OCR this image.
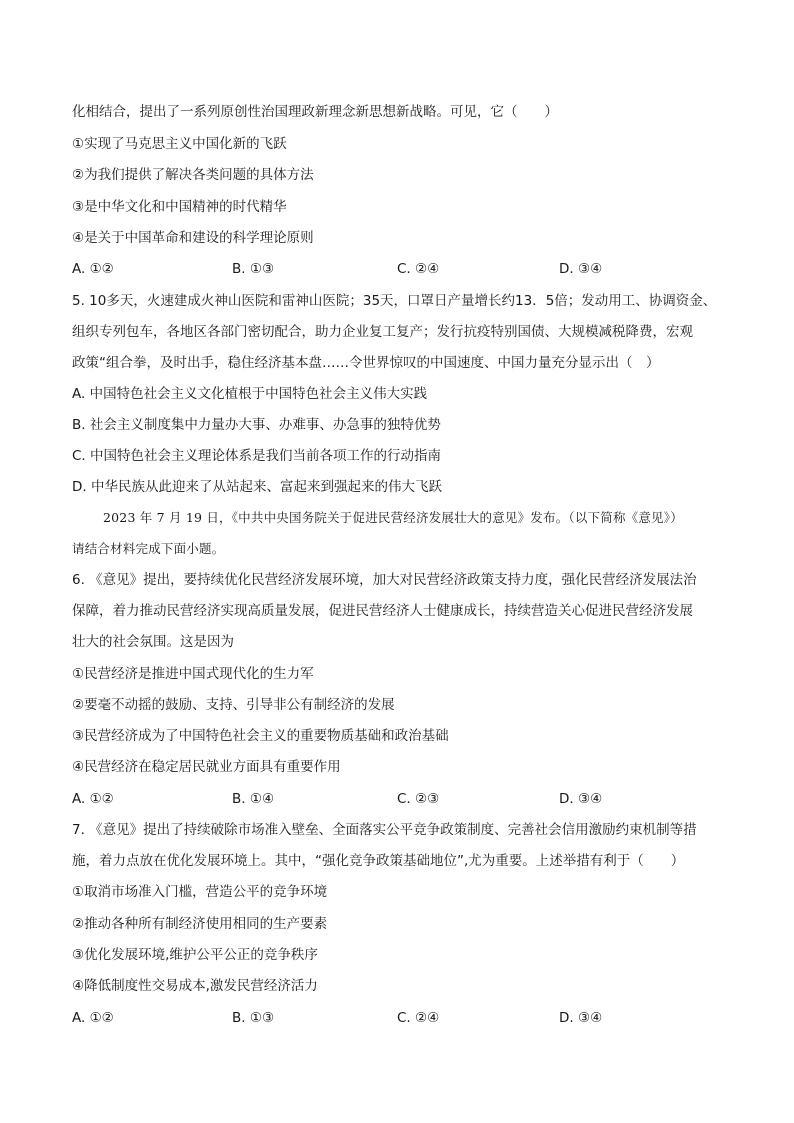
化相结合，提出了一系列原创性治国理政新理念新思想新战略。可见，它（　　）
①实现了马克思主义中国化新的飞跃
②为我们提供了解决各类问题的具体方法
③是中华文化和中国精神的时代精华
④是关于中国革命和建设的科学理论原则
A. ①②	B. ①③	C. ②④	D. ③④
5. 10多天，火速建成火神山医院和雷神山医院；35天，口罩日产量增长约13．5倍；发动用工、协调资金、
组织专列包车，各地区各部门密切配合，助力企业复工复产；发行抗疫特别国债、大规模减税降费，宏观
政策“组合拳，及时出手，稳住经济基本盘……令世界惊叹的中国速度、中国力量充分显示出（　）
A. 中国特色社会主义文化植根于中国特色社会主义伟大实践
B. 社会主义制度集中力量办大事、办难事、办急事的独特优势
C. 中国特色社会主义理论体系是我们当前各项工作的行动指南
D. 中华民族从此迎来了从站起来、富起来到强起来的伟大飞跃
2023 年 7 月 19 日，《中共中央国务院关于促进民营经济发展壮大的意见》发布。（以下简称《意见》）
请结合材料完成下面小题。
6. 《意见》提出，要持续优化民营经济发展环境，加大对民营经济政策支持力度，强化民营经济发展法治
保障，着力推动民营经济实现高质量发展，促进民营经济人士健康成长，持续营造关心促进民营经济发展
壮大的社会氛围。这是因为
①民营经济是推进中国式现代化的生力军
②要毫不动摇的鼓励、支持、引导非公有制经济的发展
③民营经济成为了中国特色社会主义的重要物质基础和政治基础
④民营经济在稳定居民就业方面具有重要作用
A. ①②	B. ①④	C. ②③	D. ③④
7. 《意见》提出了持续破除市场准入壁垒、全面落实公平竞争政策制度、完善社会信用激励约束机制等措
施，着力点放在优化发展环境上。其中，“强化竞争政策基础地位”,尤为重要。上述举措有利于（　　）
①取消市场准入门槛，营造公平的竞争环境
②推动各种所有制经济使用相同的生产要素
③优化发展环境,维护公平公正的竞争秩序
④降低制度性交易成本,激发民营经济活力
A. ①②	B. ①③	C. ②④	D. ③④
